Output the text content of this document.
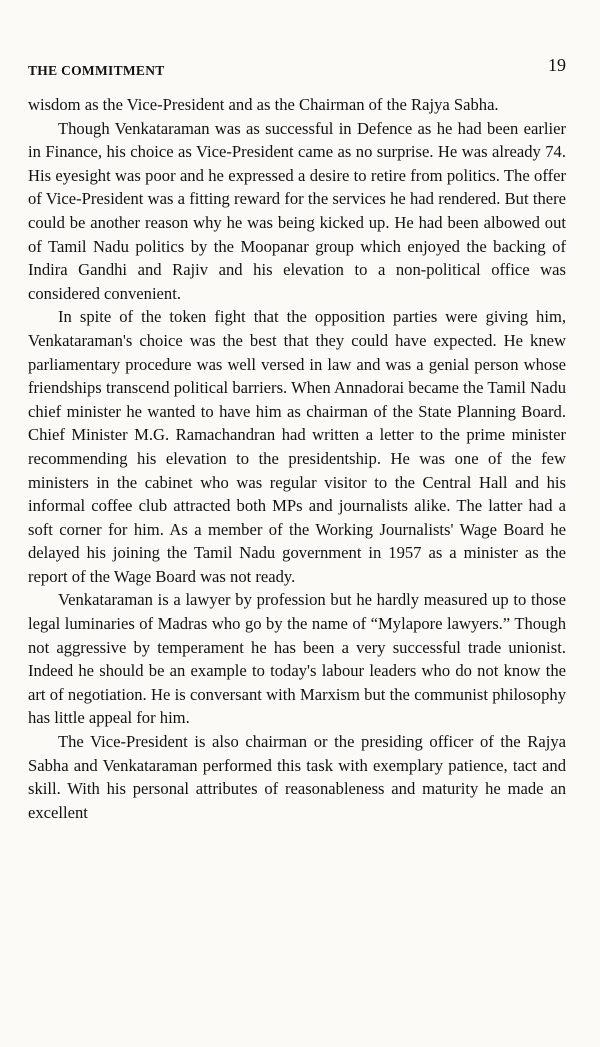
THE COMMITMENT	19

wisdom as the Vice-President and as the Chairman of the Rajya Sabha.

Though Venkataraman was as successful in Defence as he had been earlier in Finance, his choice as Vice-President came as no surprise. He was already 74. His eyesight was poor and he expressed a desire to retire from politics. The offer of Vice-President was a fitting reward for the services he had rendered. But there could be another reason why he was being kicked up. He had been albowed out of Tamil Nadu politics by the Moopanar group which enjoyed the backing of Indira Gandhi and Rajiv and his elevation to a non-political office was considered convenient.

In spite of the token fight that the opposition parties were giving him, Venkataraman's choice was the best that they could have expected. He knew parliamentary procedure was well versed in law and was a genial person whose friendships transcend political barriers. When Annadorai became the Tamil Nadu chief minister he wanted to have him as chairman of the State Planning Board. Chief Minister M.G. Ramachandran had written a letter to the prime minister recommending his elevation to the presidentship. He was one of the few ministers in the cabinet who was regular visitor to the Central Hall and his informal coffee club attracted both MPs and journalists alike. The latter had a soft corner for him. As a member of the Working Journalists' Wage Board he delayed his joining the Tamil Nadu government in 1957 as a minister as the report of the Wage Board was not ready.

Venkataraman is a lawyer by profession but he hardly measured up to those legal luminaries of Madras who go by the name of “Mylapore lawyers.” Though not aggressive by temperament he has been a very successful trade unionist. Indeed he should be an example to today's labour leaders who do not know the art of negotiation. He is conversant with Marxism but the communist philosophy has little appeal for him.

The Vice-President is also chairman or the presiding officer of the Rajya Sabha and Venkataraman performed this task with exemplary patience, tact and skill. With his personal attributes of reasonableness and maturity he made an excellent
